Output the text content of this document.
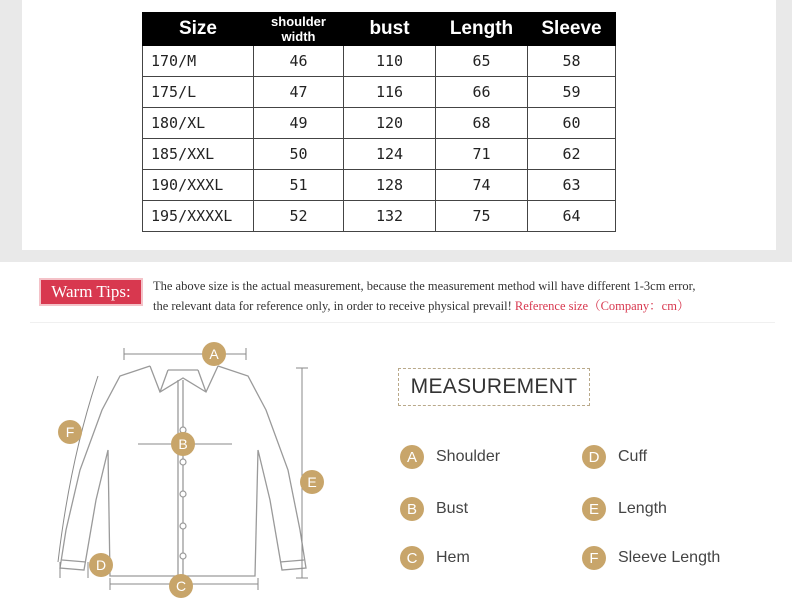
Size	shoulder width	bust	Length	Sleeve
170/M	46	110	65	58
175/L	47	116	66	59
180/XL	49	120	68	60
185/XXL	50	124	71	62
190/XXXL	51	128	74	63
195/XXXXL	52	132	75	64
Warm Tips:	The above size is the actual measurement, because the measurement method will have different 1-3cm error,
the relevant data for reference only, in order to receive physical prevail! Reference size（Company：cm）
A
B
C
D
E
F
MEASUREMENT
A	Shoulder
B	Bust
C	Hem
D	Cuff
E	Length
F	Sleeve Length
